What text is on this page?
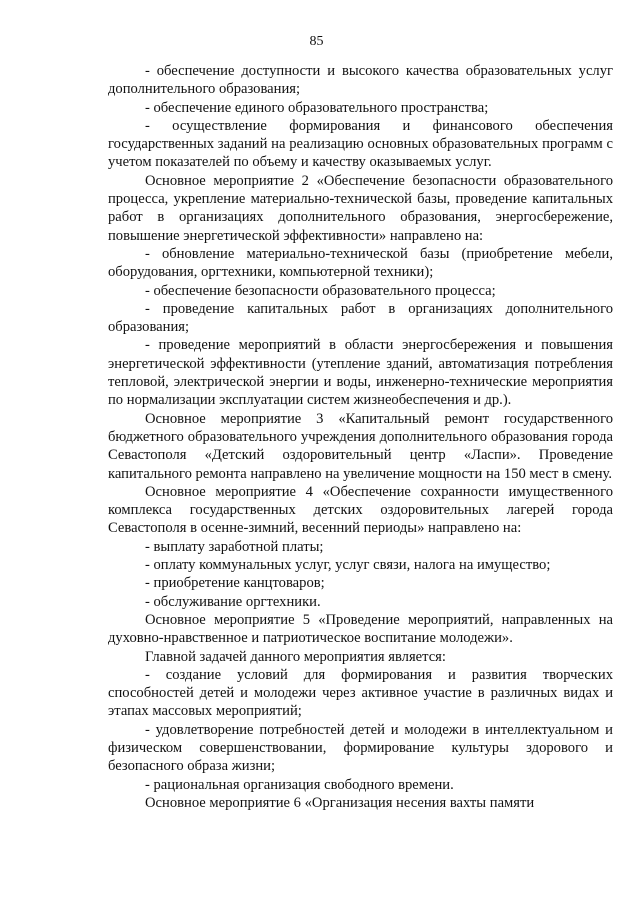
85

- обеспечение доступности и высокого качества образовательных услуг дополнительного образования;

- обеспечение единого образовательного пространства;

- осуществление формирования и финансового обеспечения государственных заданий на реализацию основных образовательных программ с учетом показателей по объему и качеству оказываемых услуг.

Основное мероприятие 2 «Обеспечение безопасности образовательного процесса, укрепление материально-технической базы, проведение капитальных работ в организациях дополнительного образования, энергосбережение, повышение энергетической эффективности» направлено на:

- обновление материально-технической базы (приобретение мебели, оборудования, оргтехники, компьютерной техники);

- обеспечение безопасности образовательного процесса;

- проведение капитальных работ в организациях дополнительного образования;

- проведение мероприятий в области энергосбережения и повышения энергетической эффективности (утепление зданий, автоматизация потребления тепловой, электрической энергии и воды, инженерно-технические мероприятия по нормализации эксплуатации систем жизнеобеспечения и др.).

Основное мероприятие 3 «Капитальный ремонт государственного бюджетного образовательного учреждения дополнительного образования города Севастополя «Детский оздоровительный центр «Ласпи». Проведение капитального ремонта направлено на увеличение мощности на 150 мест в смену.

Основное мероприятие 4 «Обеспечение сохранности имущественного комплекса государственных детских оздоровительных лагерей города Севастополя в осенне-зимний, весенний периоды» направлено на:

- выплату заработной платы;

- оплату коммунальных услуг, услуг связи, налога на имущество;

- приобретение канцтоваров;

- обслуживание оргтехники.

Основное мероприятие 5 «Проведение мероприятий, направленных на духовно-нравственное и патриотическое воспитание молодежи».

Главной задачей данного мероприятия является:

- создание условий для формирования и развития творческих способностей детей и молодежи через активное участие в различных видах и этапах массовых мероприятий;

- удовлетворение потребностей детей и молодежи в интеллектуальном и физическом совершенствовании, формирование культуры здорового и безопасного образа жизни;

- рациональная организация свободного времени.

Основное мероприятие 6 «Организация несения вахты памяти
